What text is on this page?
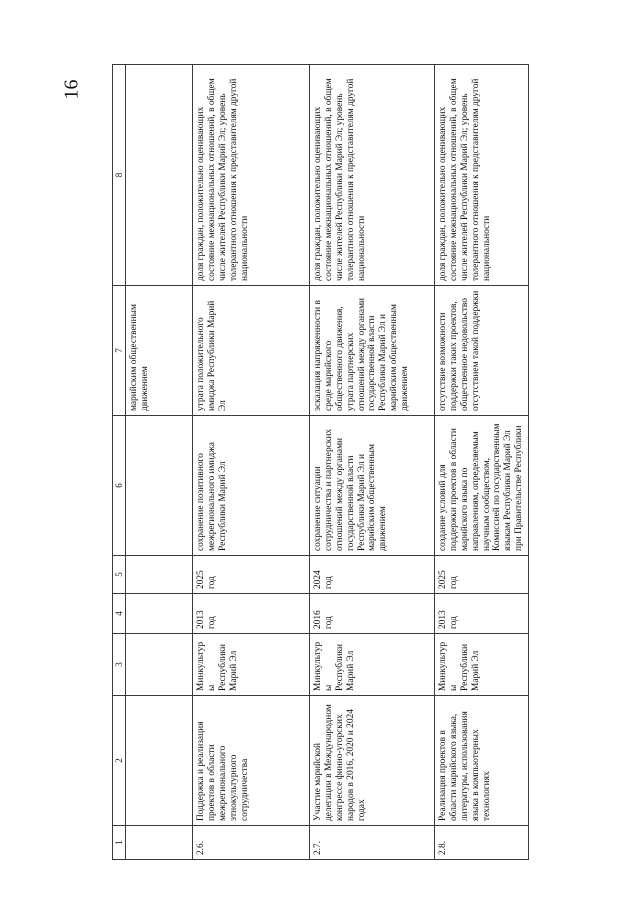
16
1	2	3	4	5	6	7	8
						марийским общественным движением	
2.6.	Поддержка и реализация проектов в области межрегионального этнокультурного сотрудничества	Минкультуры Республики Марий Эл	2013 год	2025 год	сохранение позитивного межрегионального имиджа Республики Марий Эл	утрата положительного имиджа Республики Марий Эл	доля граждан, положительно оценивающих состояние межнациональных отношений, в общем числе жителей Республики Марий Эл; уровень толерантного отношения к представителям другой национальности
2.7.	Участие марийской делегации в Международном конгрессе финно-угорских народов в 2016, 2020 и 2024 годах	Минкультуры Республики Марий Эл	2016 год	2024 год	сохранение ситуации сотрудничества и партнерских отношений между органами государственной власти Республики Марий Эл и марийским общественным движением	эскалация напряженности в среде марийского общественного движения, утрата партнерских отношений между органами государственной власти Республики Марий Эл и марийским общественным движением	доля граждан, положительно оценивающих состояние межнациональных отношений, в общем числе жителей Республики Марий Эл; уровень толерантного отношения к представителям другой национальности
2.8.	Реализация проектов в области марийского языка, литературы, использования языка в компьютерных технологиях	Минкультуры Республики Марий Эл	2013 год	2025 год	создание условий для поддержки проектов в области марийского языка по направлениям, определяемым научным сообществом, Комиссией по государственным языкам Республики Марий Эл при Правительстве Республики	отсутствие возможности поддержки таких проектов, общественное недовольство отсутствием такой поддержки	доля граждан, положительно оценивающих состояние межнациональных отношений, в общем числе жителей Республики Марий Эл; уровень толерантного отношения к представителям другой национальности
